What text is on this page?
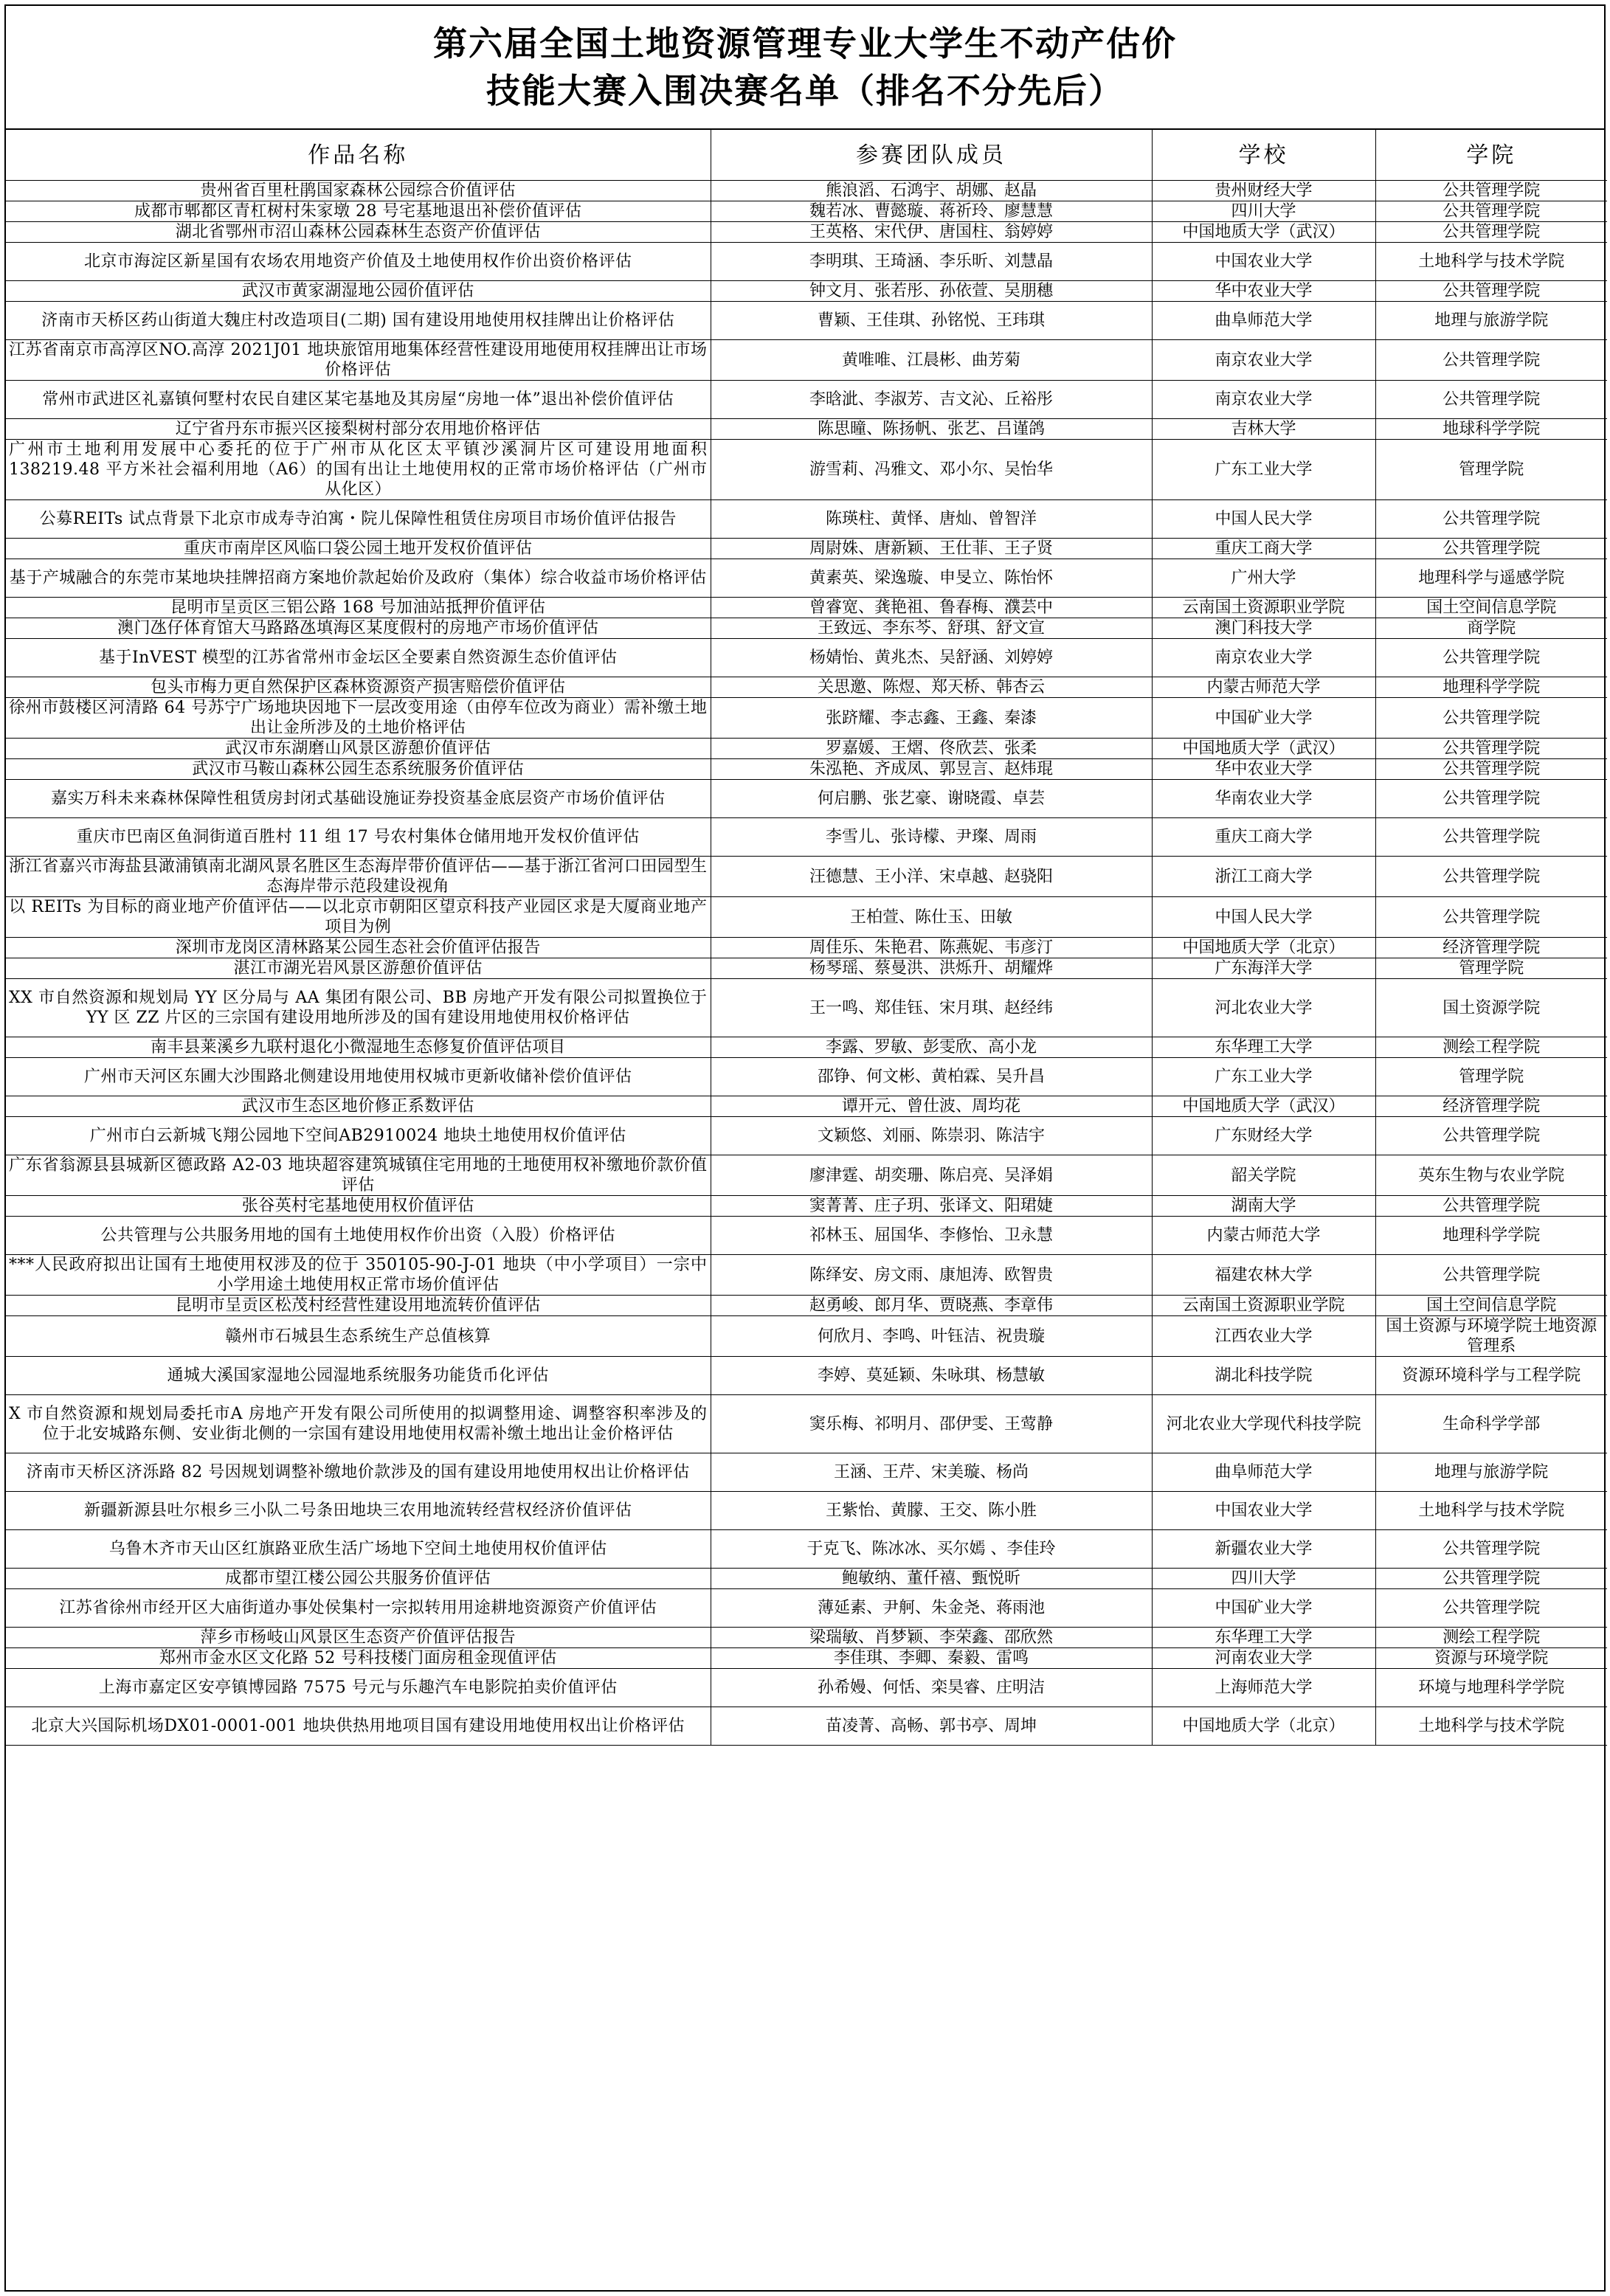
第六届全国土地资源管理专业大学生不动产估价
技能大赛入围决赛名单（排名不分先后）
作品名称	参赛团队成员	学校	学院
贵州省百里杜鹃国家森林公园综合价值评估	熊浪滔、石鸿宇、胡娜、赵晶	贵州财经大学	公共管理学院
成都市郫都区青杠树村朱家墩 28 号宅基地退出补偿价值评估	魏若冰、曹懿璇、蒋祈玲、廖慧慧	四川大学	公共管理学院
湖北省鄂州市沼山森林公园森林生态资产价值评估	王英格、宋代伊、唐国柱、翁婷婷	中国地质大学（武汉）	公共管理学院
北京市海淀区新星国有农场农用地资产价值及土地使用权作价出资价格评估	李明琪、王琦涵、李乐昕、刘慧晶	中国农业大学	土地科学与技术学院
武汉市黄家湖湿地公园价值评估	钟文月、张若彤、孙依萱、吴朋穗	华中农业大学	公共管理学院
济南市天桥区药山街道大魏庄村改造项目(二期) 国有建设用地使用权挂牌出让价格评估	曹颖、王佳琪、孙铭悦、王玮琪	曲阜师范大学	地理与旅游学院
江苏省南京市高淳区NO.高淳 2021J01 地块旅馆用地集体经营性建设用地使用权挂牌出让市场价格评估	黄唯唯、江晨彬、曲芳菊	南京农业大学	公共管理学院
常州市武进区礼嘉镇何墅村农民自建区某宅基地及其房屋“房地一体”退出补偿价值评估	李晗泚、李淑芳、吉文沁、丘裕彤	南京农业大学	公共管理学院
辽宁省丹东市振兴区接梨树村部分农用地价格评估	陈思曈、陈扬帆、张艺、吕谨鸽	吉林大学	地球科学学院
广州市土地利用发展中心委托的位于广州市从化区太平镇沙溪洞片区可建设用地面积 138219.48 平方米社会福利用地（A6）的国有出让土地使用权的正常市场价格评估（广州市从化区）	游雪莉、冯雅文、邓小尔、吴怡华	广东工业大学	管理学院
公募REITs 试点背景下北京市成寿寺泊寓・院儿保障性租赁住房项目市场价值评估报告	陈瑛柱、黄怿、唐灿、曾智洋	中国人民大学	公共管理学院
重庆市南岸区风临口袋公园土地开发权价值评估	周尉姝、唐新颖、王仕菲、王子贤	重庆工商大学	公共管理学院
基于产城融合的东莞市某地块挂牌招商方案地价款起始价及政府（集体）综合收益市场价格评估	黄素英、梁逸璇、申旻立、陈怡怀	广州大学	地理科学与遥感学院
昆明市呈贡区三铝公路 168 号加油站抵押价值评估	曾睿宽、龚艳祖、鲁春梅、濮芸中	云南国土资源职业学院	国土空间信息学院
澳门氹仔体育馆大马路路氹填海区某度假村的房地产市场价值评估	王致远、李东芩、舒琪、舒文宣	澳门科技大学	商学院
基于InVEST 模型的江苏省常州市金坛区全要素自然资源生态价值评估	杨婧怡、黄兆杰、吴舒涵、刘婷婷	南京农业大学	公共管理学院
包头市梅力更自然保护区森林资源资产损害赔偿价值评估	关思邀、陈煜、郑天桥、韩杏云	内蒙古师范大学	地理科学学院
徐州市鼓楼区河清路 64 号苏宁广场地块因地下一层改变用途（由停车位改为商业）需补缴土地出让金所涉及的土地价格评估	张跻耀、李志鑫、王鑫、秦漆	中国矿业大学	公共管理学院
武汉市东湖磨山风景区游憩价值评估	罗嘉媛、王熠、佟欣芸、张柔	中国地质大学（武汉）	公共管理学院
武汉市马鞍山森林公园生态系统服务价值评估	朱泓艳、齐成凤、郭昱言、赵炜琨	华中农业大学	公共管理学院
嘉实万科未来森林保障性租赁房封闭式基础设施证券投资基金底层资产市场价值评估	何启鹏、张艺豪、谢晓霞、卓芸	华南农业大学	公共管理学院
重庆市巴南区鱼洞街道百胜村 11 组 17 号农村集体仓储用地开发权价值评估	李雪儿、张诗檬、尹璨、周雨	重庆工商大学	公共管理学院
浙江省嘉兴市海盐县澉浦镇南北湖风景名胜区生态海岸带价值评估——基于浙江省河口田园型生态海岸带示范段建设视角	汪德慧、王小洋、宋卓越、赵骁阳	浙江工商大学	公共管理学院
以 REITs 为目标的商业地产价值评估——以北京市朝阳区望京科技产业园区求是大厦商业地产项目为例	王柏萱、陈仕玉、田敏	中国人民大学	公共管理学院
深圳市龙岗区清林路某公园生态社会价值评估报告	周佳乐、朱艳君、陈燕妮、韦彦汀	中国地质大学（北京）	经济管理学院
湛江市湖光岩风景区游憩价值评估	杨琴瑶、蔡曼洪、洪烁升、胡耀烨	广东海洋大学	管理学院
XX 市自然资源和规划局 YY 区分局与 AA 集团有限公司、BB 房地产开发有限公司拟置换位于 YY 区 ZZ 片区的三宗国有建设用地所涉及的国有建设用地使用权价格评估	王一鸣、郑佳钰、宋月琪、赵经纬	河北农业大学	国土资源学院
南丰县莱溪乡九联村退化小微湿地生态修复价值评估项目	李露、罗敏、彭雯欣、高小龙	东华理工大学	测绘工程学院
广州市天河区东圃大沙围路北侧建设用地使用权城市更新收储补偿价值评估	邵铮、何文彬、黄柏霖、吴升昌	广东工业大学	管理学院
武汉市生态区地价修正系数评估	谭开元、曾仕波、周均花	中国地质大学（武汉）	经济管理学院
广州市白云新城飞翔公园地下空间AB2910024 地块土地使用权价值评估	文颖悠、刘丽、陈崇羽、陈洁宇	广东财经大学	公共管理学院
广东省翁源县县城新区德政路 A2-03 地块超容建筑城镇住宅用地的土地使用权补缴地价款价值评估	廖津霆、胡奕珊、陈启亮、吴泽娟	韶关学院	英东生物与农业学院
张谷英村宅基地使用权价值评估	窦菁菁、庄子玥、张译文、阳珺婕	湖南大学	公共管理学院
公共管理与公共服务用地的国有土地使用权作价出资（入股）价格评估	祁林玉、屈国华、李修怡、卫永慧	内蒙古师范大学	地理科学学院
***人民政府拟出让国有土地使用权涉及的位于 350105-90-J-01 地块（中小学项目）一宗中小学用途土地使用权正常市场价值评估	陈绎安、房文雨、康旭涛、欧智贵	福建农林大学	公共管理学院
昆明市呈贡区松茂村经营性建设用地流转价值评估	赵勇峻、郎月华、贾晓燕、李章伟	云南国土资源职业学院	国土空间信息学院
赣州市石城县生态系统生产总值核算	何欣月、李鸣、叶钰洁、祝贵璇	江西农业大学	国土资源与环境学院土地资源管理系
通城大溪国家湿地公园湿地系统服务功能货币化评估	李婷、莫延颖、朱咏琪、杨慧敏	湖北科技学院	资源环境科学与工程学院
X 市自然资源和规划局委托市A 房地产开发有限公司所使用的拟调整用途、调整容积率涉及的位于北安城路东侧、安业街北侧的一宗国有建设用地使用权需补缴土地出让金价格评估	窦乐梅、祁明月、邵伊雯、王莺静	河北农业大学现代科技学院	生命科学学部
济南市天桥区济泺路 82 号因规划调整补缴地价款涉及的国有建设用地使用权出让价格评估	王涵、王芹、宋美璇、杨尚	曲阜师范大学	地理与旅游学院
新疆新源县吐尔根乡三小队二号条田地块三农用地流转经营权经济价值评估	王紫怡、黄朦、王交、陈小胜	中国农业大学	土地科学与技术学院
乌鲁木齐市天山区红旗路亚欣生活广场地下空间土地使用权价值评估	于克飞、陈冰冰、买尔嫣 、李佳玲	新疆农业大学	公共管理学院
成都市望江楼公园公共服务价值评估	鲍敏纳、董仟禧、甄悦昕	四川大学	公共管理学院
江苏省徐州市经开区大庙街道办事处侯集村一宗拟转用用途耕地资源资产价值评估	薄延素、尹舸、朱金尧、蒋雨池	中国矿业大学	公共管理学院
萍乡市杨岐山风景区生态资产价值评估报告	梁瑞敏、肖梦颖、李荣鑫、邵欣然	东华理工大学	测绘工程学院
郑州市金水区文化路 52 号科技楼门面房租金现值评估	李佳琪、李卿、秦毅、雷鸣	河南农业大学	资源与环境学院
上海市嘉定区安亭镇博园路 7575 号元与乐趣汽车电影院拍卖价值评估	孙希嫚、何恬、栾昊睿、庄明洁	上海师范大学	环境与地理科学学院
北京大兴国际机场DX01-0001-001 地块供热用地项目国有建设用地使用权出让价格评估	苗凌菁、高畅、郭书亭、周坤	中国地质大学（北京）	土地科学与技术学院
